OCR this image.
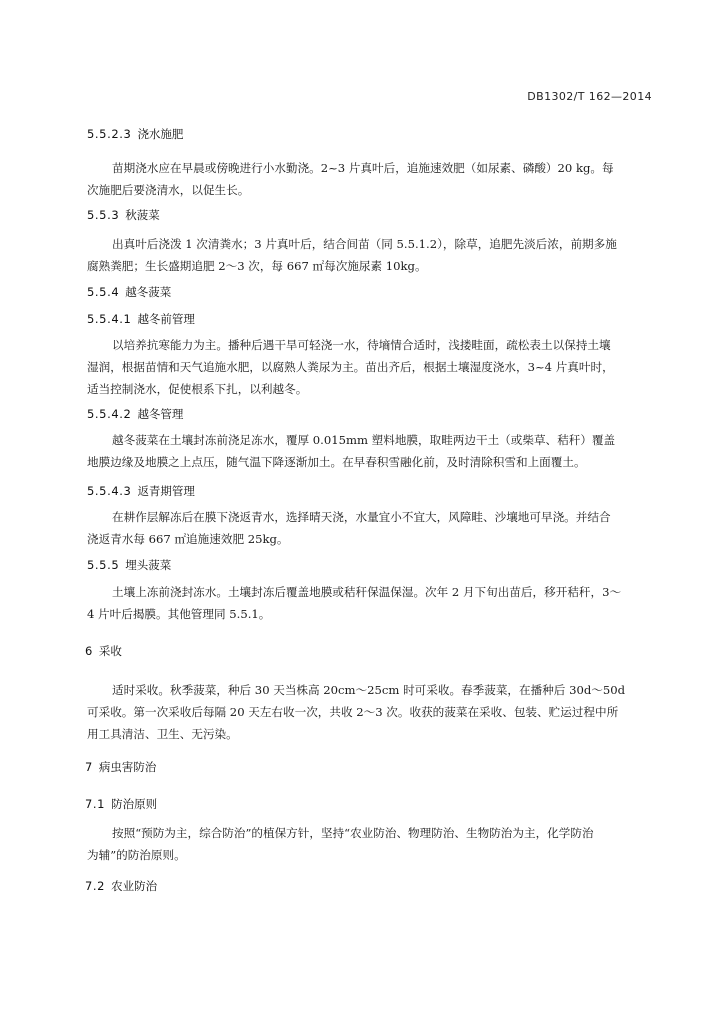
DB1302/T 162—2014
5.5.2.3 浇水施肥
苗期浇水应在早晨或傍晚进行小水勤浇。2~3 片真叶后，追施速效肥（如尿素、磷酸）20 kg。每
次施肥后要浇清水，以促生长。
5.5.3 秋菠菜
出真叶后浇泼 1 次清粪水；3 片真叶后，结合间苗（同 5.5.1.2），除草，追肥先淡后浓，前期多施
腐熟粪肥；生长盛期追肥 2～3 次，每 667 ㎡每次施尿素 10kg。
5.5.4 越冬菠菜
5.5.4.1 越冬前管理
以培养抗寒能力为主。播种后遇干旱可轻浇一水，待墒情合适时，浅搂畦面，疏松表土以保持土壤
湿润，根据苗情和天气追施水肥，以腐熟人粪尿为主。苗出齐后，根据土壤湿度浇水，3~4 片真叶时，
适当控制浇水，促使根系下扎，以利越冬。
5.5.4.2 越冬管理
越冬菠菜在土壤封冻前浇足冻水，覆厚 0.015mm 塑料地膜，取畦两边干土（或柴草、秸秆）覆盖
地膜边缘及地膜之上点压，随气温下降逐渐加土。在早春积雪融化前，及时清除积雪和上面覆土。
5.5.4.3 返青期管理
在耕作层解冻后在膜下浇返青水，选择晴天浇，水量宜小不宜大，风障畦、沙壤地可早浇。并结合
浇返青水每 667 ㎡追施速效肥 25kg。
5.5.5 埋头菠菜
土壤上冻前浇封冻水。土壤封冻后覆盖地膜或秸秆保温保湿。次年 2 月下旬出苗后，移开秸秆，3～
4 片叶后揭膜。其他管理同 5.5.1。
6 采收
适时采收。秋季菠菜，种后 30 天当株高 20cm～25cm 时可采收。春季菠菜，在播种后 30d～50d
可采收。第一次采收后每隔 20 天左右收一次，共收 2～3 次。收获的菠菜在采收、包装、贮运过程中所
用工具清洁、卫生、无污染。
7 病虫害防治
7.1 防治原则
按照“预防为主，综合防治”的植保方针，坚持“农业防治、物理防治、生物防治为主，化学防治
为辅”的防治原则。
7.2 农业防治
